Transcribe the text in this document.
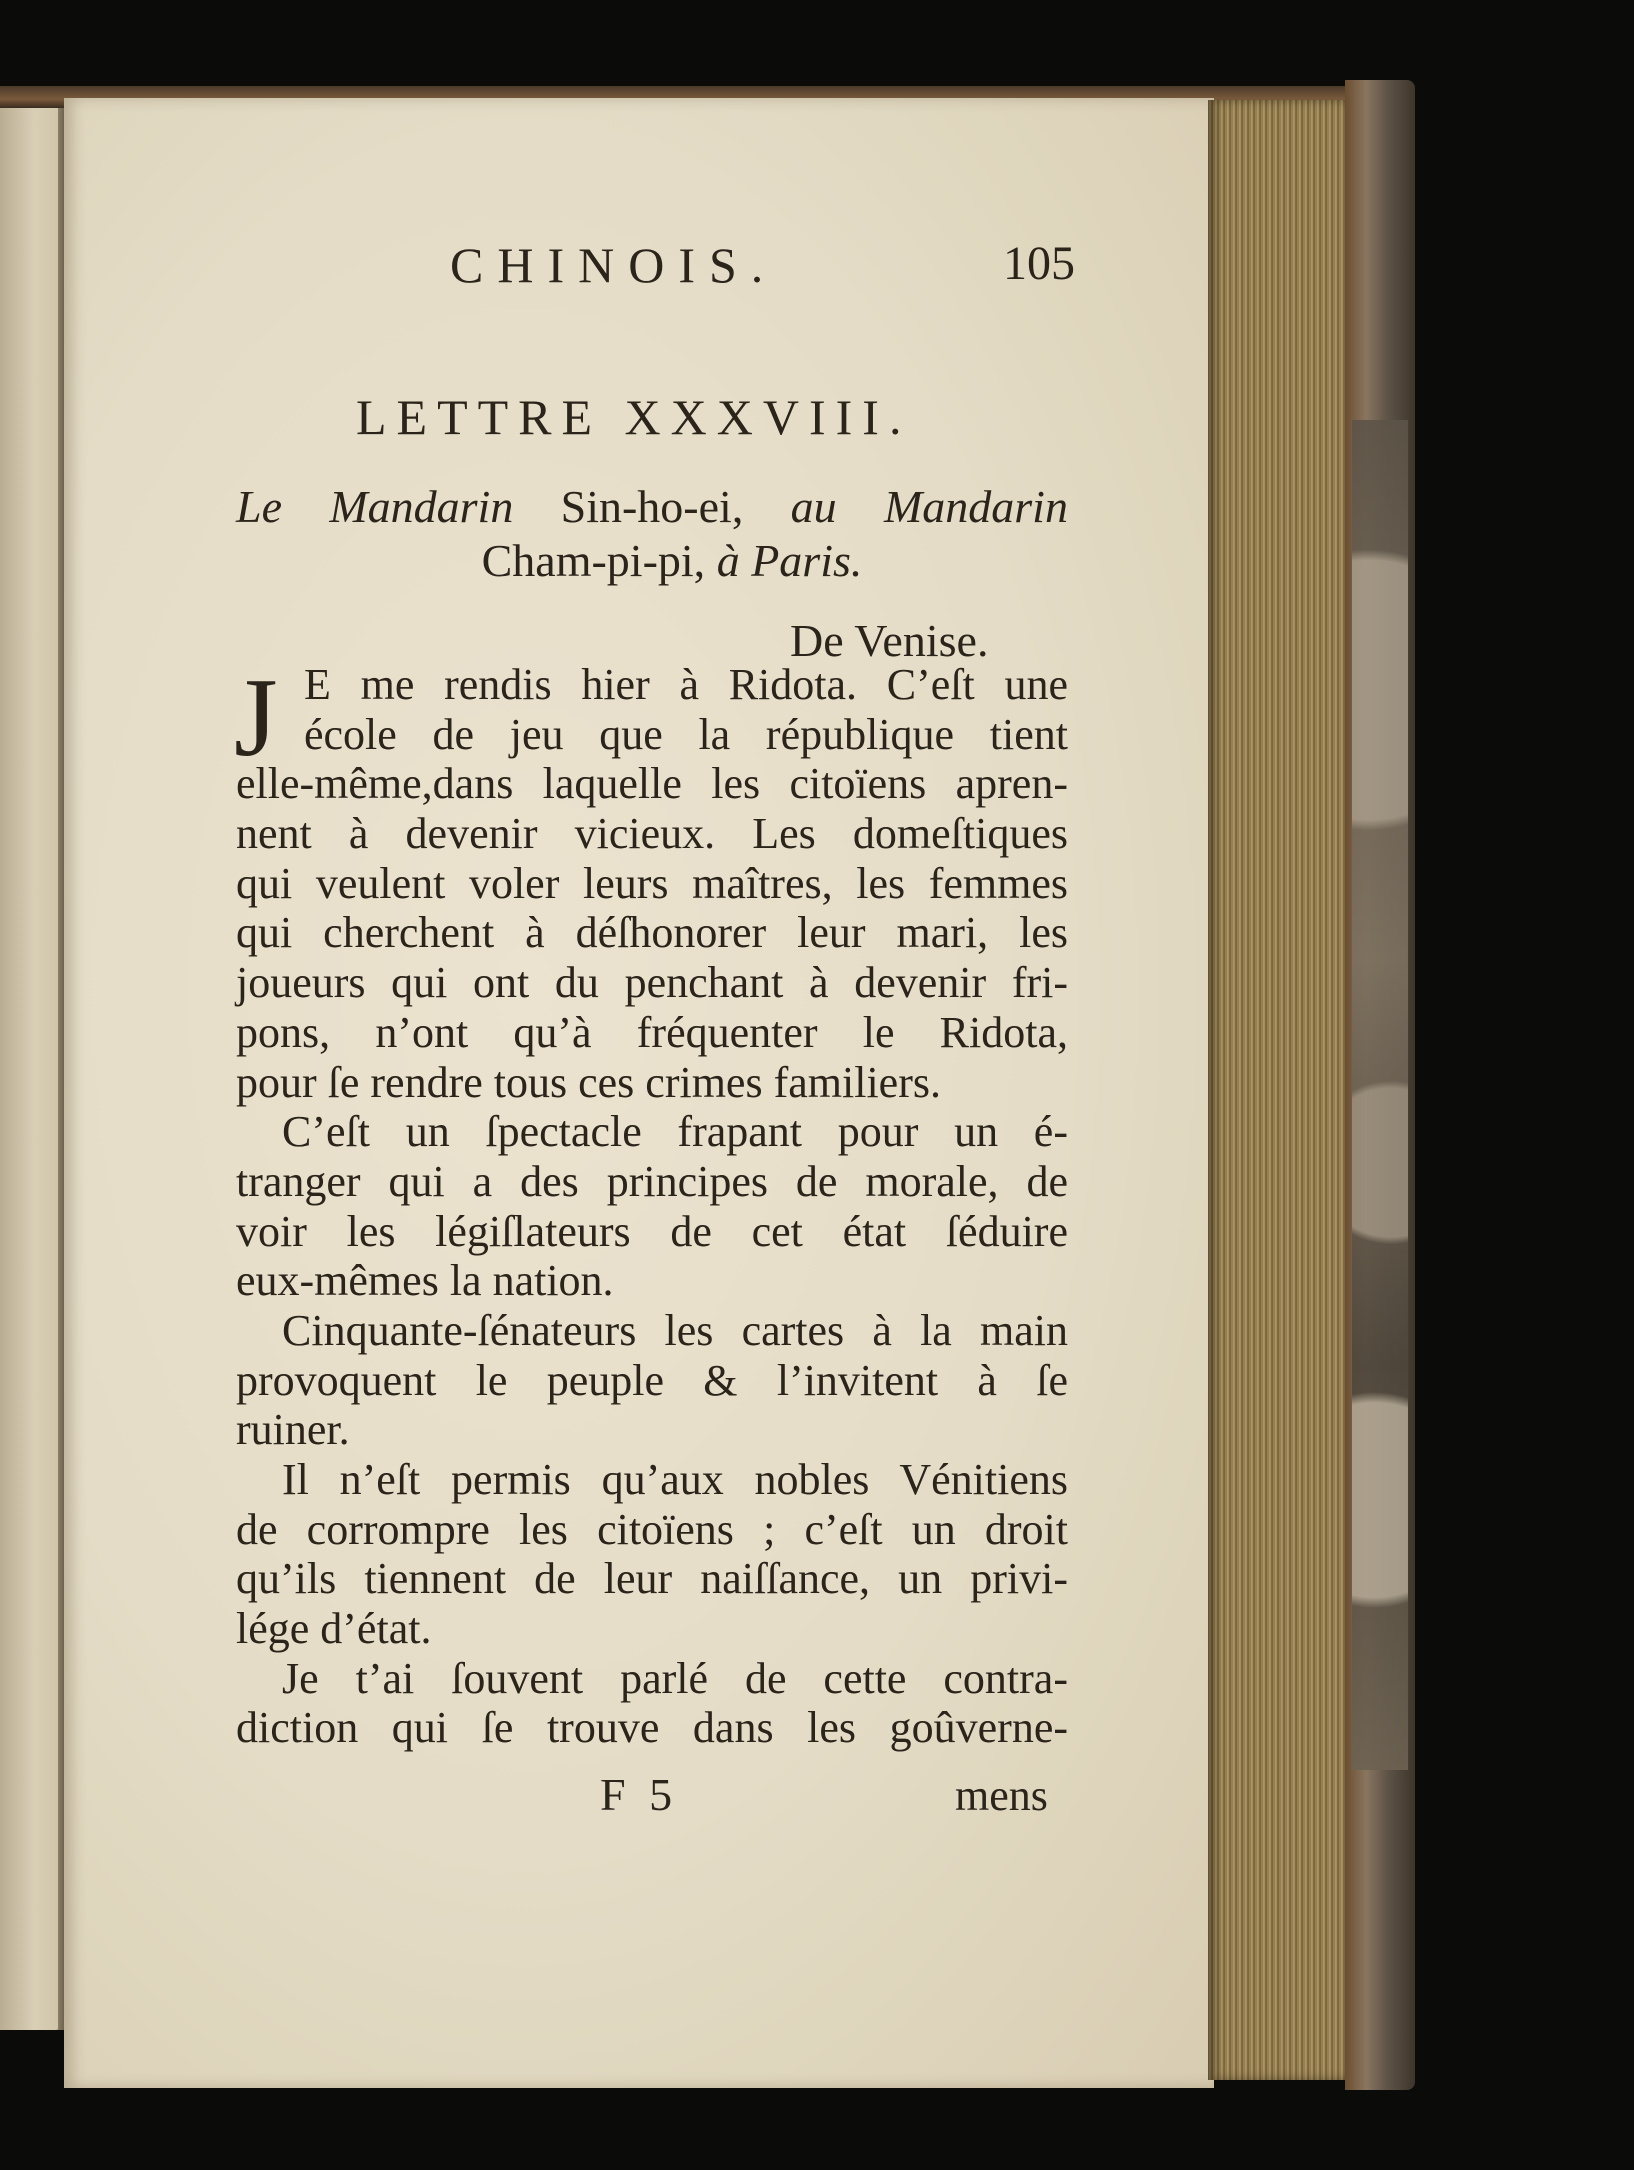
CHINOIS.	105
LETTRE XXXVIII.
Le Mandarin Sin-ho-ei, au Mandarin
Cham-pi-pi, à Paris.
De Venise.
J E me rendis hier à Ridota. C’eſt une
école de jeu que la république tient
elle-même,dans laquelle les citoïens apren-
nent à devenir vicieux. Les domeſtiques
qui veulent voler leurs maîtres, les femmes
qui cherchent à déſhonorer leur mari, les
joueurs qui ont du penchant à devenir fri-
pons, n’ont qu’à fréquenter le Ridota,
pour ſe rendre tous ces crimes familiers.
C’eſt un ſpectacle frapant pour un é-
tranger qui a des principes de morale, de
voir les légiſlateurs de cet état ſéduire
eux-mêmes la nation.
Cinquante-ſénateurs les cartes à la main
provoquent le peuple & l’invitent à ſe
ruiner.
Il n’eſt permis qu’aux nobles Vénitiens
de corrompre les citoïens ; c’eſt un droit
qu’ils tiennent de leur naiſſance, un privi-
lége d’état.
Je t’ai ſouvent parlé de cette contra-
diction qui ſe trouve dans les goûverne-
F 5	mens
